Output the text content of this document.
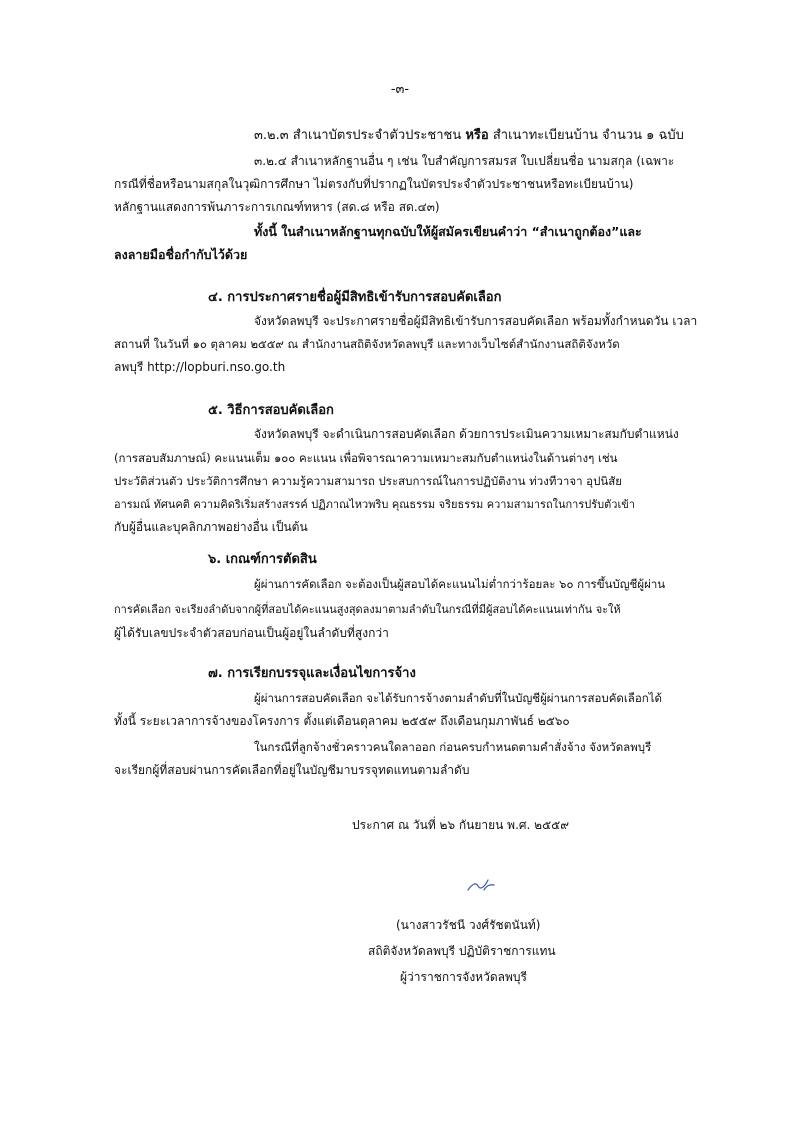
-๓-
๓.๒.๓ สำเนาบัตรประจำตัวประชาชน หรือ สำเนาทะเบียนบ้าน จำนวน ๑ ฉบับ
๓.๒.๔ สำเนาหลักฐานอื่น ๆ เช่น ใบสำคัญการสมรส ใบเปลี่ยนชื่อ นามสกุล (เฉพาะ
กรณีที่ชื่อหรือนามสกุลในวุฒิการศึกษา ไม่ตรงกับที่ปรากฏในบัตรประจำตัวประชาชนหรือทะเบียนบ้าน)
หลักฐานแสดงการพ้นภาระการเกณฑ์ทหาร (สด.๘ หรือ สด.๔๓)
ทั้งนี้ ในสำเนาหลักฐานทุกฉบับให้ผู้สมัครเขียนคำว่า “สำเนาถูกต้อง”และ
ลงลายมือชื่อกำกับไว้ด้วย
๔. การประกาศรายชื่อผู้มีสิทธิเข้ารับการสอบคัดเลือก
จังหวัดลพบุรี จะประกาศรายชื่อผู้มีสิทธิเข้ารับการสอบคัดเลือก พร้อมทั้งกำหนดวัน เวลา
สถานที่ ในวันที่ ๑๐ ตุลาคม ๒๕๕๙ ณ สำนักงานสถิติจังหวัดลพบุรี และทางเว็บไซต์สำนักงานสถิติจังหวัด
ลพบุรี http://lopburi.nso.go.th
๕. วิธีการสอบคัดเลือก
จังหวัดลพบุรี จะดำเนินการสอบคัดเลือก ด้วยการประเมินความเหมาะสมกับตำแหน่ง
(การสอบสัมภาษณ์) คะแนนเต็ม ๑๐๐ คะแนน เพื่อพิจารณาความเหมาะสมกับตำแหน่งในด้านต่างๆ เช่น
ประวัติส่วนตัว ประวัติการศึกษา ความรู้ความสามารถ ประสบการณ์ในการปฏิบัติงาน ท่วงทีวาจา อุปนิสัย
อารมณ์ ทัศนคติ ความคิดริเริ่มสร้างสรรค์ ปฏิภาณไหวพริบ คุณธรรม จริยธรรม ความสามารถในการปรับตัวเข้า
กับผู้อื่นและบุคลิกภาพอย่างอื่น เป็นต้น
๖. เกณฑ์การตัดสิน
ผู้ผ่านการคัดเลือก จะต้องเป็นผู้สอบได้คะแนนไม่ต่ำกว่าร้อยละ ๖๐ การขึ้นบัญชีผู้ผ่าน
การคัดเลือก จะเรียงลำดับจากผู้ที่สอบได้คะแนนสูงสุดลงมาตามลำดับในกรณีที่มีผู้สอบได้คะแนนเท่ากัน จะให้
ผู้ได้รับเลขประจำตัวสอบก่อนเป็นผู้อยู่ในลำดับที่สูงกว่า
๗. การเรียกบรรจุและเงื่อนไขการจ้าง
ผู้ผ่านการสอบคัดเลือก จะได้รับการจ้างตามลำดับที่ในบัญชีผู้ผ่านการสอบคัดเลือกได้
ทั้งนี้ ระยะเวลาการจ้างของโครงการ ตั้งแต่เดือนตุลาคม ๒๕๕๙ ถึงเดือนกุมภาพันธ์ ๒๕๖๐
ในกรณีที่ลูกจ้างชั่วคราวคนใดลาออก ก่อนครบกำหนดตามคำสั่งจ้าง จังหวัดลพบุรี
จะเรียกผู้ที่สอบผ่านการคัดเลือกที่อยู่ในบัญชีมาบรรจุทดแทนตามลำดับ
ประกาศ ณ วันที่ ๒๖ กันยายน พ.ศ. ๒๕๕๙
(นางสาวรัชนี วงศ์รัชตนันท์)
สถิติจังหวัดลพบุรี ปฏิบัติราชการแทน
ผู้ว่าราชการจังหวัดลพบุรี
